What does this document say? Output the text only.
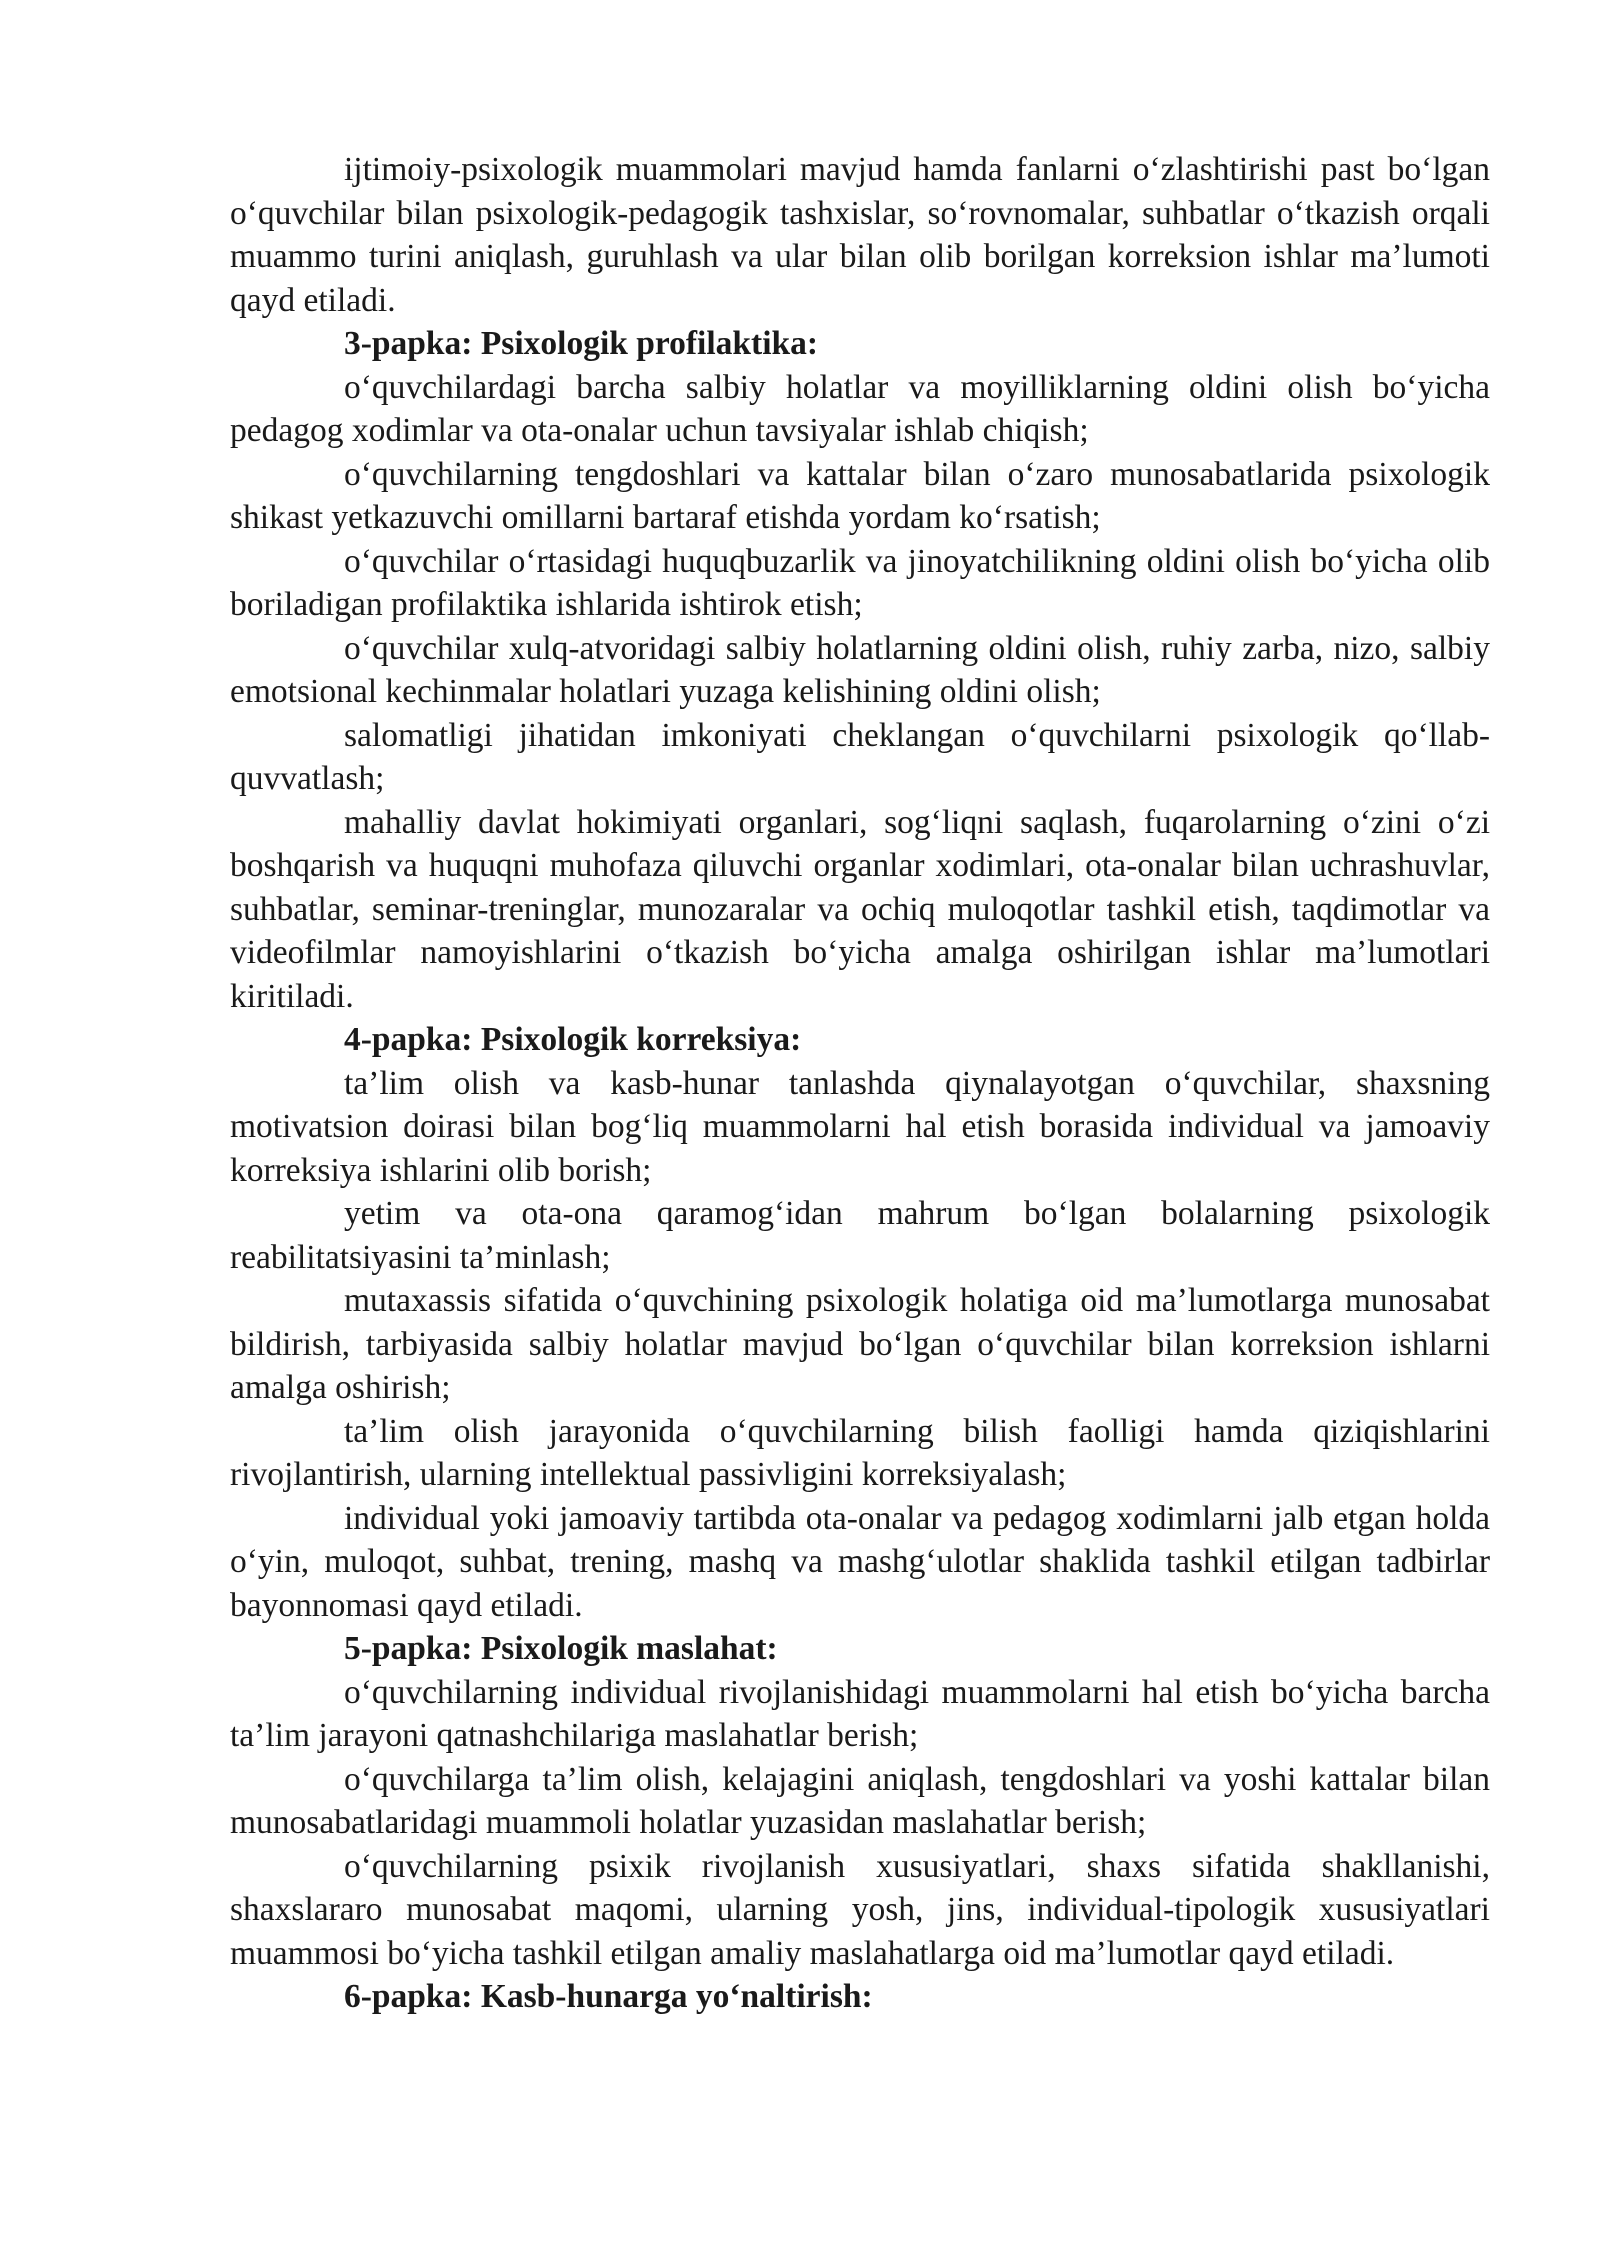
ijtimoiy-psixologik muammolari mavjud hamda fanlarni o‘zlashtirishi past bo‘lgan o‘quvchilar bilan psixologik-pedagogik tashxislar, so‘rovnomalar, suhbatlar o‘tkazish orqali muammo turini aniqlash, guruhlash va ular bilan olib borilgan korreksion ishlar ma’lumoti qayd etiladi.

3-papka: Psixologik profilaktika:

o‘quvchilardagi barcha salbiy holatlar va moyilliklarning oldini olish bo‘yicha pedagog xodimlar va ota-onalar uchun tavsiyalar ishlab chiqish;

o‘quvchilarning tengdoshlari va kattalar bilan o‘zaro munosabatlarida psixologik shikast yetkazuvchi omillarni bartaraf etishda yordam ko‘rsatish;

o‘quvchilar o‘rtasidagi huquqbuzarlik va jinoyatchilikning oldini olish bo‘yicha olib boriladigan profilaktika ishlarida ishtirok etish;

o‘quvchilar xulq-atvoridagi salbiy holatlarning oldini olish, ruhiy zarba, nizo, salbiy emotsional kechinmalar holatlari yuzaga kelishining oldini olish;

salomatligi jihatidan imkoniyati cheklangan o‘quvchilarni psixologik qo‘llab-quvvatlash;

mahalliy davlat hokimiyati organlari, sog‘liqni saqlash, fuqarolarning o‘zini o‘zi boshqarish va huquqni muhofaza qiluvchi organlar xodimlari, ota-onalar bilan uchrashuvlar, suhbatlar, seminar-treninglar, munozaralar va ochiq muloqotlar tashkil etish, taqdimotlar va videofilmlar namoyishlarini o‘tkazish bo‘yicha amalga oshirilgan ishlar ma’lumotlari kiritiladi.

4-papka: Psixologik korreksiya:

ta’lim olish va kasb-hunar tanlashda qiynalayotgan o‘quvchilar, shaxsning motivatsion doirasi bilan bog‘liq muammolarni hal etish borasida individual va jamoaviy korreksiya ishlarini olib borish;

yetim va ota-ona qaramog‘idan mahrum bo‘lgan bolalarning psixologik reabilitatsiyasini ta’minlash;

mutaxassis sifatida o‘quvchining psixologik holatiga oid ma’lumotlarga munosabat bildirish, tarbiyasida salbiy holatlar mavjud bo‘lgan o‘quvchilar bilan korreksion ishlarni amalga oshirish;

ta’lim olish jarayonida o‘quvchilarning bilish faolligi hamda qiziqishlarini rivojlantirish, ularning intellektual passivligini korreksiyalash;

individual yoki jamoaviy tartibda ota-onalar va pedagog xodimlarni jalb etgan holda o‘yin, muloqot, suhbat, trening, mashq va mashg‘ulotlar shaklida tashkil etilgan tadbirlar bayonnomasi qayd etiladi.

5-papka: Psixologik maslahat:

o‘quvchilarning individual rivojlanishidagi muammolarni hal etish bo‘yicha barcha ta’lim jarayoni qatnashchilariga maslahatlar berish;

o‘quvchilarga ta’lim olish, kelajagini aniqlash, tengdoshlari va yoshi kattalar bilan munosabatlaridagi muammoli holatlar yuzasidan maslahatlar berish;

o‘quvchilarning psixik rivojlanish xususiyatlari, shaxs sifatida shakllanishi, shaxslararo munosabat maqomi, ularning yosh, jins, individual-tipologik xususiyatlari muammosi bo‘yicha tashkil etilgan amaliy maslahatlarga oid ma’lumotlar qayd etiladi.

6-papka: Kasb-hunarga yo‘naltirish:
